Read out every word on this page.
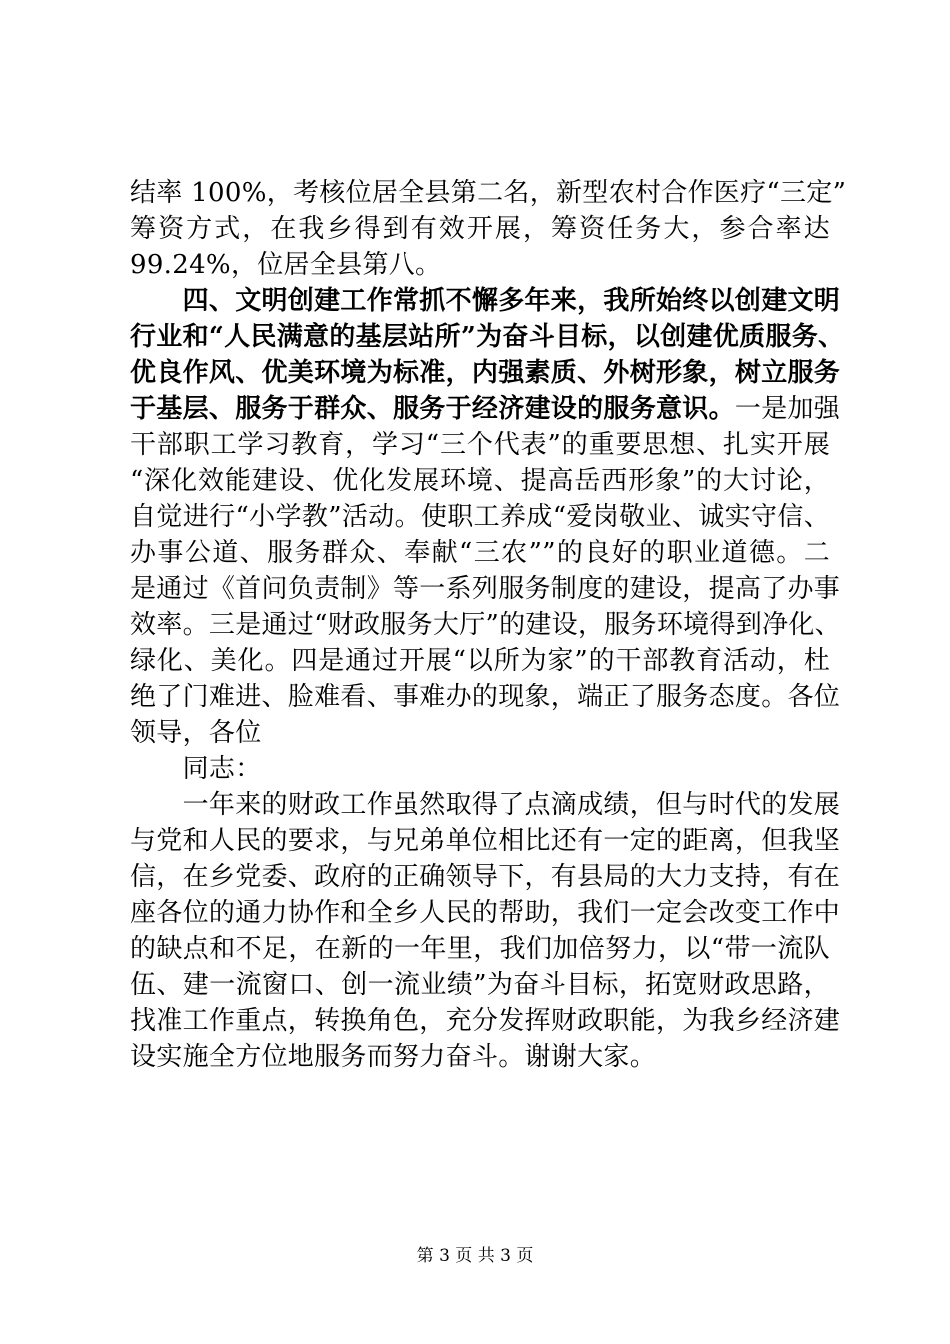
结率 100%，考核位居全县第二名，新型农村合作医疗“三定”
筹资方式，在我乡得到有效开展，筹资任务大，参合率达
99.24%，位居全县第八。
　　四、文明创建工作常抓不懈多年来，我所始终以创建文明
行业和“人民满意的基层站所”为奋斗目标，以创建优质服务、
优良作风、优美环境为标准，内强素质、外树形象，树立服务
于基层、服务于群众、服务于经济建设的服务意识。一是加强
干部职工学习教育，学习“三个代表”的重要思想、扎实开展
“深化效能建设、优化发展环境、提高岳西形象”的大讨论，
自觉进行“小学教”活动。使职工养成“爱岗敬业、诚实守信、
办事公道、服务群众、奉献“三农””的良好的职业道德。二
是通过《首问负责制》等一系列服务制度的建设，提高了办事
效率。三是通过“财政服务大厅”的建设，服务环境得到净化、
绿化、美化。四是通过开展“以所为家”的干部教育活动，杜
绝了门难进、脸难看、事难办的现象，端正了服务态度。各位
领导，各位
　　同志：
　　一年来的财政工作虽然取得了点滴成绩，但与时代的发展
与党和人民的要求，与兄弟单位相比还有一定的距离，但我坚
信，在乡党委、政府的正确领导下，有县局的大力支持，有在
座各位的通力协作和全乡人民的帮助，我们一定会改变工作中
的缺点和不足，在新的一年里，我们加倍努力，以“带一流队
伍、建一流窗口、创一流业绩”为奋斗目标，拓宽财政思路，
找准工作重点，转换角色，充分发挥财政职能，为我乡经济建
设实施全方位地服务而努力奋斗。谢谢大家。
第 3 页 共 3 页
